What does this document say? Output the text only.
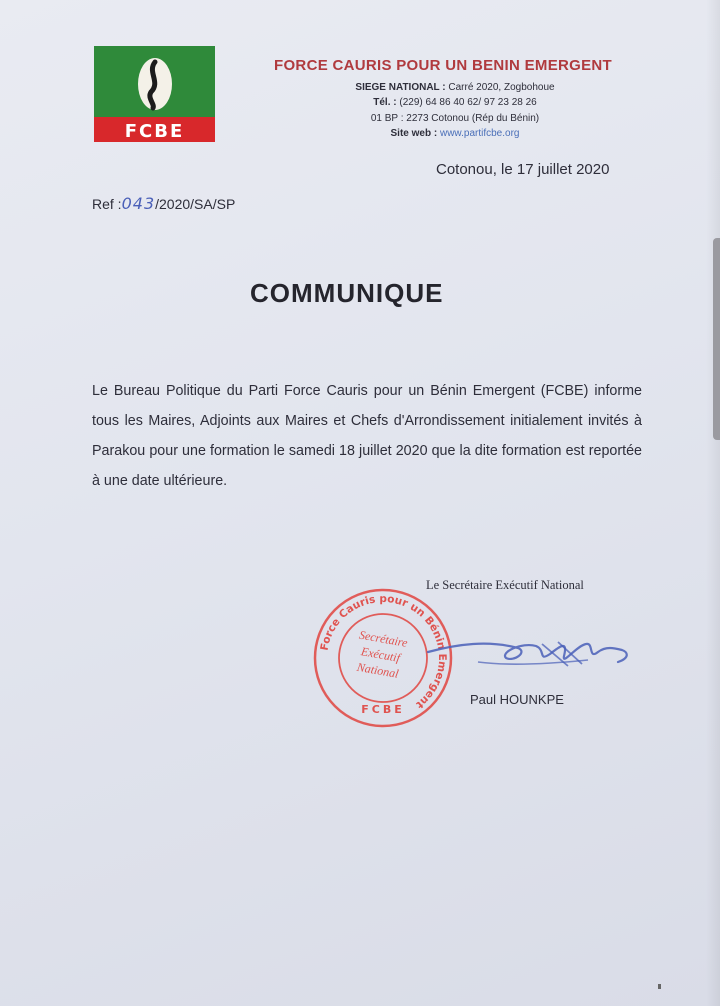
FCBE
FORCE CAURIS POUR UN BENIN EMERGENT
SIEGE NATIONAL : Carré 2020, Zogbohoue
Tél. : (229) 64 86 40 62/ 97 23 28 26
01 BP : 2273 Cotonou (Rép du Bénin)
Site web : www.partifcbe.org
Cotonou, le 17 juillet 2020
Ref :043/2020/SA/SP
COMMUNIQUE
Le Bureau Politique du Parti Force Cauris pour un Bénin Emergent (FCBE) informe tous les Maires, Adjoints aux Maires et Chefs d'Arrondissement initialement invités à Parakou pour une formation le samedi 18 juillet 2020 que la dite formation est reportée à une date ultérieure.
Le Secrétaire Exécutif National
Force Cauris pour un Bénin Emergent
FCBE
Secrétaire
Exécutif
National
Paul HOUNKPE
